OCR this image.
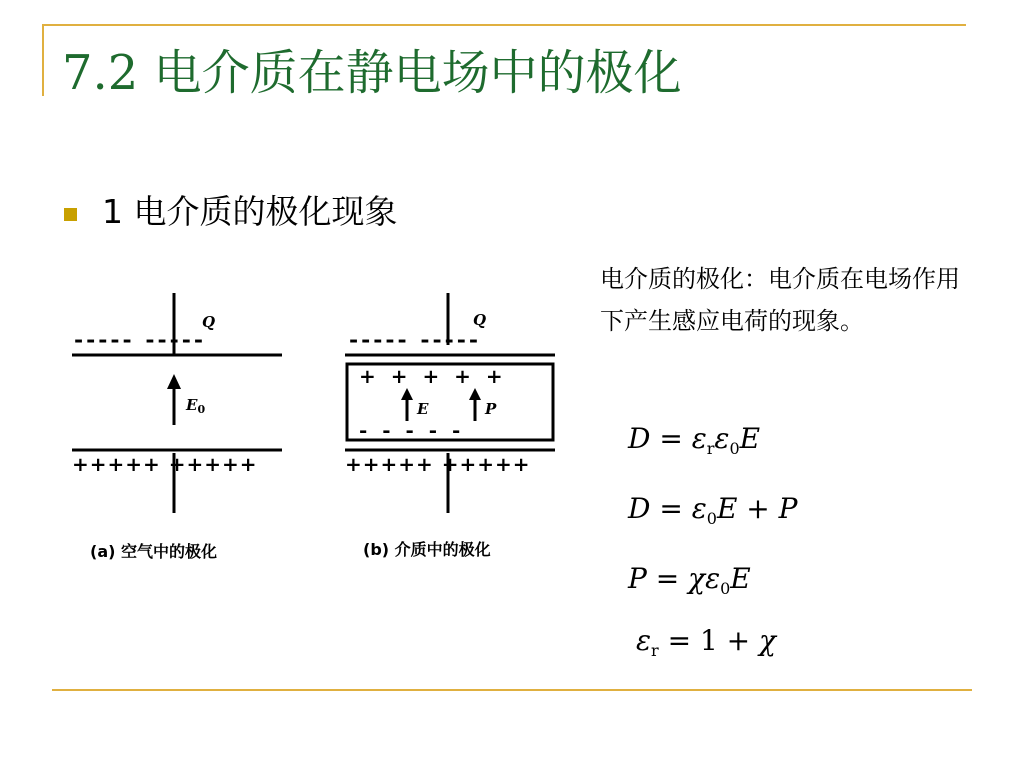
7.2 电介质在静电场中的极化
1 电介质的极化现象
电介质的极化：电介质在电场作用下产生感应电荷的现象。
Q
----- -----
$E_0$
+++++ +++++
(a) 空气中的极化
Q
----- -----
+ + + + +
E	P
- - - - -
+++++ +++++
(b) 介质中的极化
$D = \varepsilon_r\varepsilon_0E$
$D = \varepsilon_0E + P$
$P = \chi\varepsilon_0E$
$\varepsilon_r = 1 + \chi$
